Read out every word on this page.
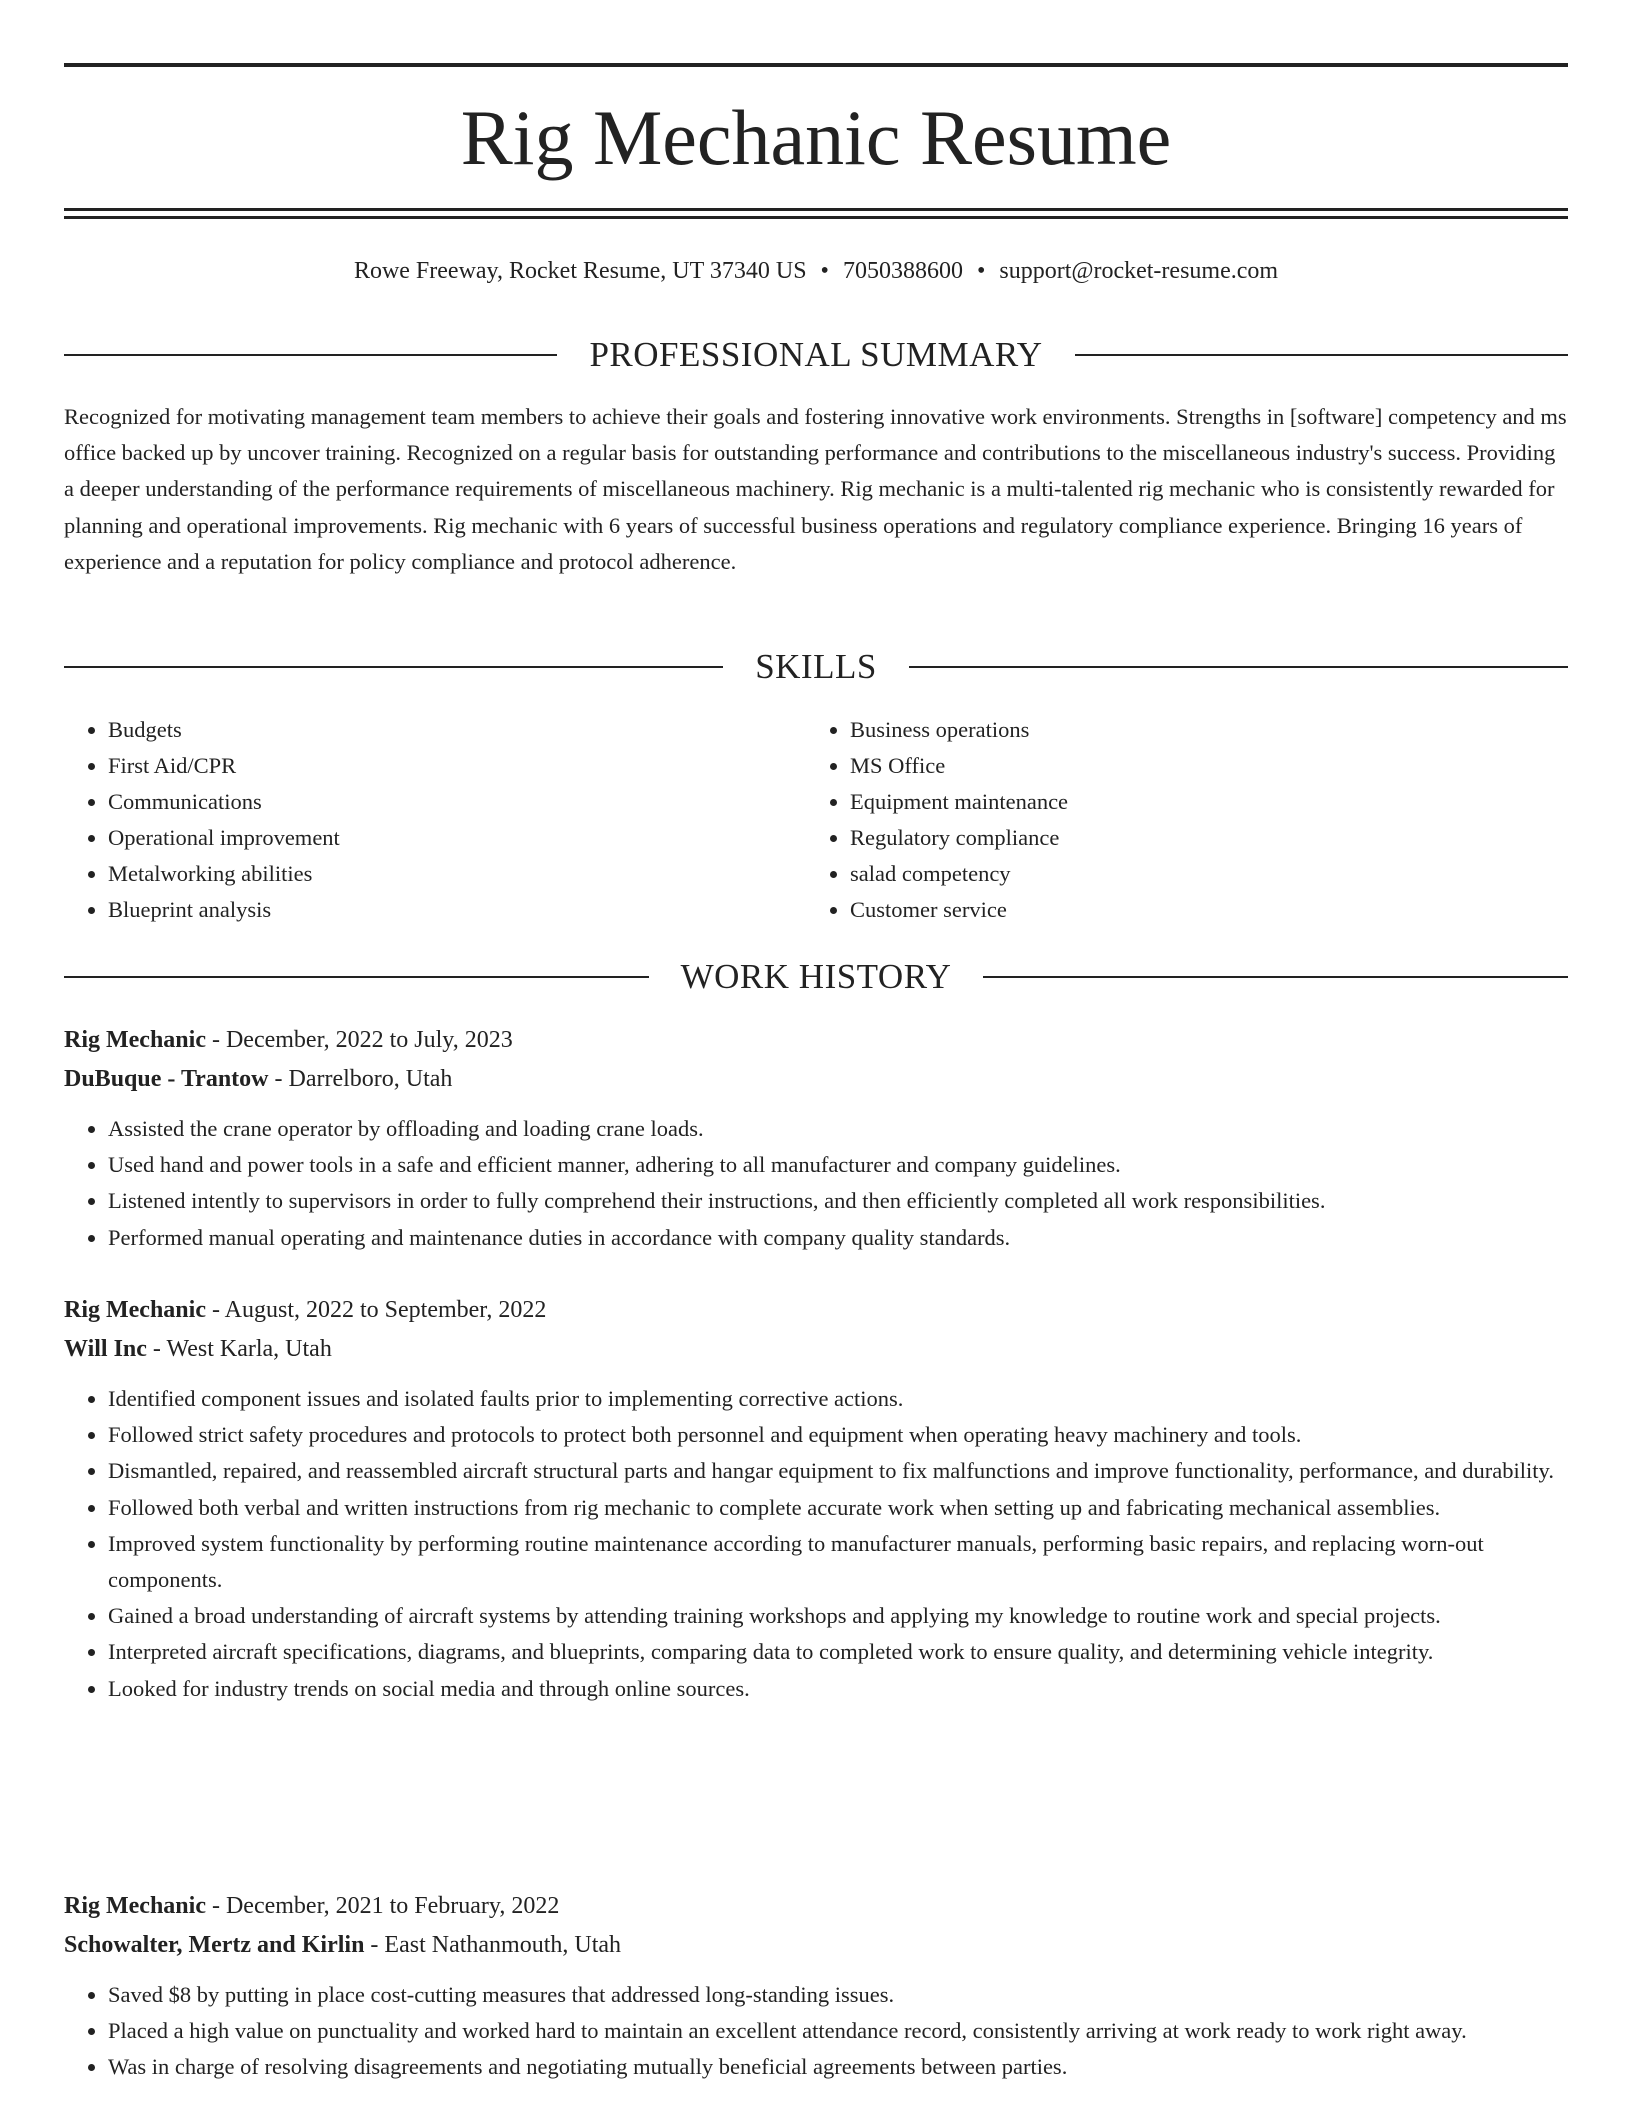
Rig Mechanic Resume
Rowe Freeway, Rocket Resume, UT 37340 US • 7050388600 • support@rocket-resume.com
PROFESSIONAL SUMMARY

Recognized for motivating management team members to achieve their goals and fostering innovative work environments. Strengths in [software] competency and ms office backed up by uncover training. Recognized on a regular basis for outstanding performance and contributions to the miscellaneous industry's success. Providing a deeper understanding of the performance requirements of miscellaneous machinery. Rig mechanic is a multi-talented rig mechanic who is consistently rewarded for planning and operational improvements. Rig mechanic with 6 years of successful business operations and regulatory compliance experience. Bringing 16 years of experience and a reputation for policy compliance and protocol adherence.

SKILLS
• Budgets
• First Aid/CPR
• Communications
• Operational improvement
• Metalworking abilities
• Blueprint analysis
• Business operations
• MS Office
• Equipment maintenance
• Regulatory compliance
• salad competency
• Customer service
WORK HISTORY
Rig Mechanic - December, 2022 to July, 2023
DuBuque - Trantow - Darrelboro, Utah
• Assisted the crane operator by offloading and loading crane loads.
• Used hand and power tools in a safe and efficient manner, adhering to all manufacturer and company guidelines.
• Listened intently to supervisors in order to fully comprehend their instructions, and then efficiently completed all work responsibilities.
• Performed manual operating and maintenance duties in accordance with company quality standards.
Rig Mechanic - August, 2022 to September, 2022
Will Inc - West Karla, Utah
• Identified component issues and isolated faults prior to implementing corrective actions.
• Followed strict safety procedures and protocols to protect both personnel and equipment when operating heavy machinery and tools.
• Dismantled, repaired, and reassembled aircraft structural parts and hangar equipment to fix malfunctions and improve functionality, performance, and durability.
• Followed both verbal and written instructions from rig mechanic to complete accurate work when setting up and fabricating mechanical assemblies.
• Improved system functionality by performing routine maintenance according to manufacturer manuals, performing basic repairs, and replacing worn-out components.
• Gained a broad understanding of aircraft systems by attending training workshops and applying my knowledge to routine work and special projects.
• Interpreted aircraft specifications, diagrams, and blueprints, comparing data to completed work to ensure quality, and determining vehicle integrity.
• Looked for industry trends on social media and through online sources.
Rig Mechanic - December, 2021 to February, 2022
Schowalter, Mertz and Kirlin - East Nathanmouth, Utah
• Saved $8 by putting in place cost-cutting measures that addressed long-standing issues.
• Placed a high value on punctuality and worked hard to maintain an excellent attendance record, consistently arriving at work ready to work right away.
• Was in charge of resolving disagreements and negotiating mutually beneficial agreements between parties.
